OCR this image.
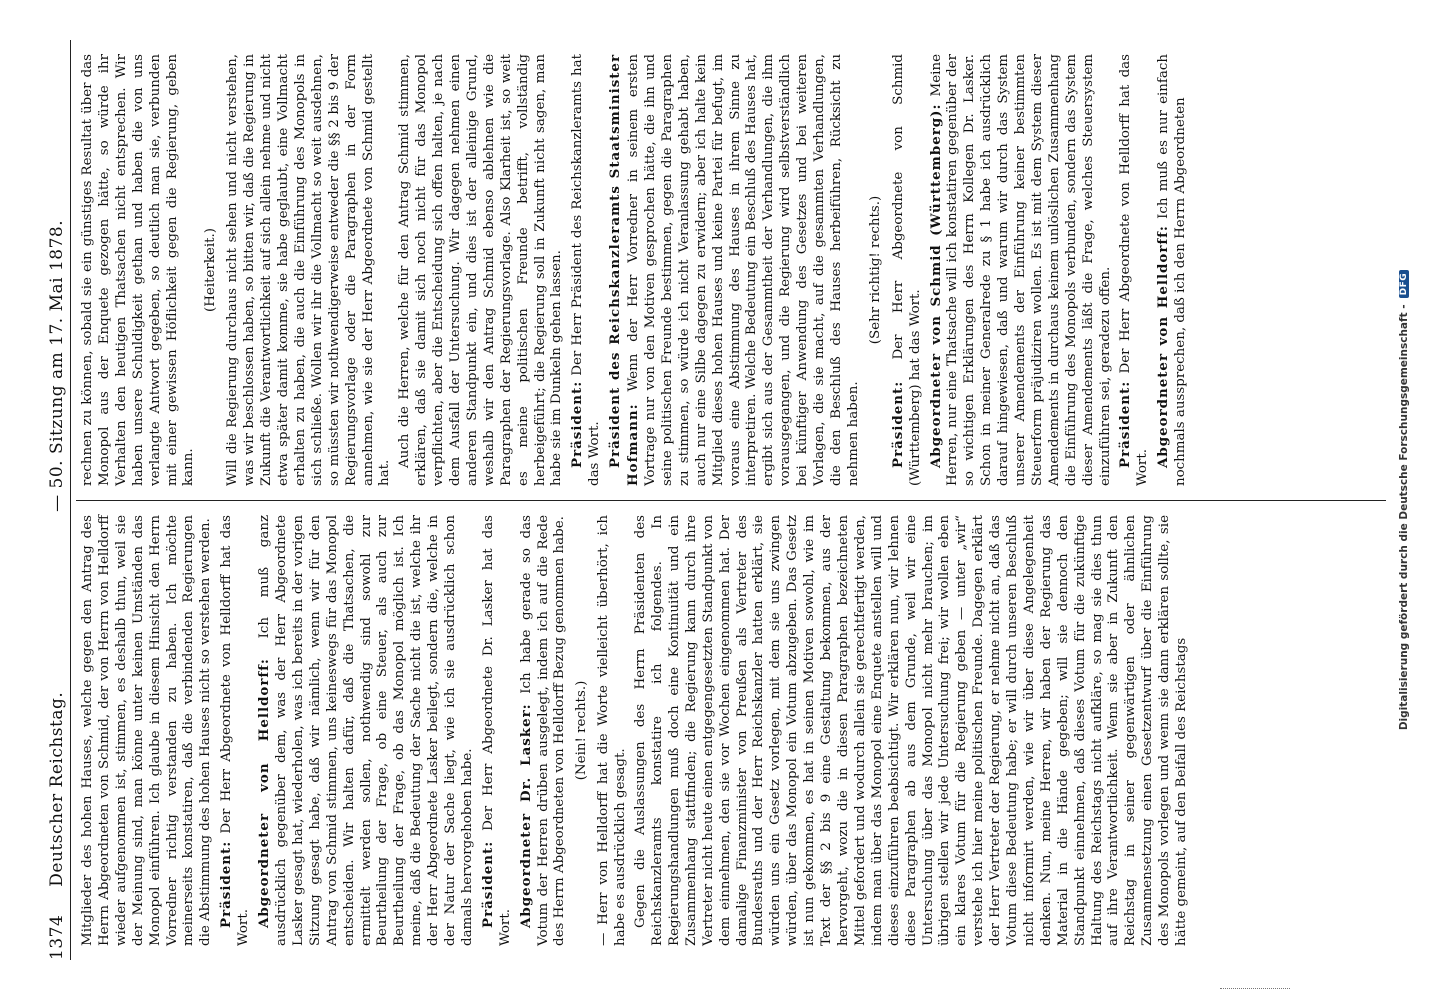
1374
Deutscher Reichstag.
— 50. Sitzung am 17. Mai 1878.

Mitglieder des hohen Hauses, welche gegen den Antrag des Herrn Abgeordneten von Schmid, der von Herrn von Helldorff wieder aufgenommen ist, stimmen, es deshalb thun, weil sie der Meinung sind, man könne unter keinen Umständen das Monopol einführen. Ich glaube in diesem Hinsicht den Herrn Vorredner richtig verstanden zu haben. Ich möchte meinerseits konstatiren, daß die verbindenden Regierungen die Abstimmung des hohen Hauses nicht so verstehen werden. Präsident: Der Herr Abgeordnete von Helldorff hat das Wort. Abgeordneter von Helldorff: Ich muß ganz ausdrücklich gegenüber dem, was der Herr Abgeordnete Lasker gesagt hat, wiederholen, was ich bereits in der vorigen Sitzung gesagt habe, daß wir nämlich, wenn wir für den Antrag von Schmid stimmen, uns keineswegs für das Monopol entscheiden. Wir halten dafür, daß die Thatsachen, die ermittelt werden sollen, nothwendig sind sowohl zur Beurtheilung der Frage, ob eine Steuer, als auch zur Beurtheilung der Frage, ob das Monopol möglich ist. Ich meine, daß die Bedeutung der Sache nicht die ist, welche ihr der Herr Abgeordnete Lasker beilegt, sondern die, welche in der Natur der Sache liegt, wie ich sie ausdrücklich schon damals hervorgehoben habe. Präsident: Der Herr Abgeordnete Dr. Lasker hat das Wort. Abgeordneter Dr. Lasker: Ich habe gerade so das Votum der Herren drüben ausgelegt, indem ich auf die Rede des Herrn Abgeordneten von Helldorff Bezug genommen habe. (Nein! rechts.) — Herr von Helldorff hat die Worte vielleicht überhört, ich habe es ausdrücklich gesagt. Gegen die Auslassungen des Herrn Präsidenten des Reichskanzleramts konstatire ich folgendes. In Regierungshandlungen muß doch eine Kontinuität und ein Zusammenhang stattfinden; die Regierung kann durch ihre Vertreter nicht heute einen entgegengesetzten Standpunkt von dem einnehmen, den sie vor Wochen eingenommen hat. Der damalige Finanzminister von Preußen als Vertreter des Bundesraths und der Herr Reichskanzler hatten erklärt, sie würden uns ein Gesetz vorlegen, mit dem sie uns zwingen würden, über das Monopol ein Votum abzugeben. Das Gesetz ist nun gekommen, es hat in seinen Motiven sowohl, wie im Text der §§ 2 bis 9 eine Gestaltung bekommen, aus der hervorgeht, wozu die in diesen Paragraphen bezeichneten Mittel gefordert und wodurch allein sie gerechtfertigt werden, indem man über das Monopol eine Enquete anstellen will und dieses einzuführen beabsichtigt. Wir erklären nun, wir lehnen diese Paragraphen ab aus dem Grunde, weil wir eine Untersuchung über das Monopol nicht mehr brauchen; im übrigen stellen wir jede Untersuchung frei; wir wollen eben ein klares Votum für die Regierung geben — unter „wir“ verstehe ich hier meine politischen Freunde. Dagegen erklärt der Herr Vertreter der Regierung, er nehme nicht an, daß das Votum diese Bedeutung habe; er will durch unseren Beschluß nicht informirt werden, wie wir über diese Angelegenheit denken. Nun, meine Herren, wir haben der Regierung das Material in die Hände gegeben; will sie dennoch den Standpunkt einnehmen, daß dieses Votum für die zukünftige Haltung des Reichstags nicht aufkläre, so mag sie dies thun auf ihre Verantwortlichkeit. Wenn sie aber in Zukunft den Reichstag in seiner gegenwärtigen oder ähnlichen Zusammensetzung einen Gesetzentwurf über die Einführung des Monopols vorlegen und wenn sie dann erklären sollte, sie hätte gemeint, auf den Beifall des Reichstags

rechnen zu können, sobald sie ein günstiges Resultat über das Monopol aus der Enquete gezogen hätte, so würde ihr Verhalten den heutigen Thatsachen nicht entsprechen. Wir haben unsere Schuldigkeit gethan und haben die von uns verlangte Antwort gegeben, so deutlich man sie, verbunden mit einer gewissen Höflichkeit gegen die Regierung, geben kann.

(Heiterkeit.) Will die Regierung durchaus nicht sehen und nicht verstehen, was wir beschlossen haben, so bitten wir, daß die Regierung in Zukunft die Verantwortlichkeit auf sich allein nehme und nicht etwa später damit komme, sie habe geglaubt, eine Vollmacht erhalten zu haben, die auch die Einführung des Monopols in sich schließe. Wollen wir ihr die Vollmacht so weit ausdehnen, so müssten wir nothwendigerweise entweder die §§ 2 bis 9 der Regierungsvorlage oder die Paragraphen in der Form annehmen, wie sie der Herr Abgeordnete von Schmid gestellt hat.

Auch die Herren, welche für den Antrag Schmid stimmen, erklären, daß sie damit sich noch nicht für das Monopol verpflichten, aber die Entscheidung sich offen halten, je nach dem Ausfall der Untersuchung. Wir dagegen nehmen einen anderen Standpunkt ein, und dies ist der alleinige Grund, weshalb wir den Antrag Schmid ebenso ablehnen wie die Paragraphen der Regierungsvorlage. Also Klarheit ist, so weit es meine politischen Freunde betrifft, vollständig herbeigeführt; die Regierung soll in Zukunft nicht sagen, man habe sie im Dunkeln gehen lassen. Präsident: Der Herr Präsident des Reichskanzleramts hat das Wort. Präsident des Reichskanzleramts Staatsminister Hofmann: Wenn der Herr Vorredner in seinem ersten Vortrage nur von den Motiven gesprochen hätte, die ihn und seine politischen Freunde bestimmen, gegen die Paragraphen zu stimmen, so würde ich nicht Veranlassung gehabt haben, auch nur eine Silbe dagegen zu erwidern; aber ich halte kein Mitglied dieses hohen Hauses und keine Partei für befugt, im voraus eine Abstimmung des Hauses in ihrem Sinne zu interpretiren. Welche Bedeutung ein Beschluß des Hauses hat, ergibt sich aus der Gesammtheit der Verhandlungen, die ihm vorausgegangen, und die Regierung wird selbstverständlich bei künftiger Anwendung des Gesetzes und bei weiteren Vorlagen, die sie macht, auf die gesammten Verhandlungen, die den Beschluß des Hauses herbeiführen, Rücksicht zu nehmen haben.

(Sehr richtig! rechts.)

Präsident: Der Herr Abgeordnete von Schmid (Württemberg) hat das Wort. Abgeordneter von Schmid (Württemberg): Meine Herren, nur eine Thatsache will ich konstatiren gegenüber der so wichtigen Erklärungen des Herrn Kollegen Dr. Lasker. Schon in meiner Generalrede zu § 1 habe ich ausdrücklich darauf hingewiesen, daß und warum wir durch das System unserer Amendements der Einführung keiner bestimmten Steuerform präjudiziren wollen. Es ist mit dem System dieser Amendements in durchaus keinem unlöslichen Zusammenhang die Einführung des Monopols verbunden, sondern das System dieser Amendements läßt die Frage, welches Steuersystem einzuführen sei, geradezu offen. Präsident: Der Herr Abgeordnete von Helldorff hat das Wort. Abgeordneter von Helldorff: Ich muß es nur einfach nochmals aussprechen, daß ich den Herrn Abgeordneten

Digitalisierung gefördert durch die Deutsche Forschungsgemeinschaft -
DFG
